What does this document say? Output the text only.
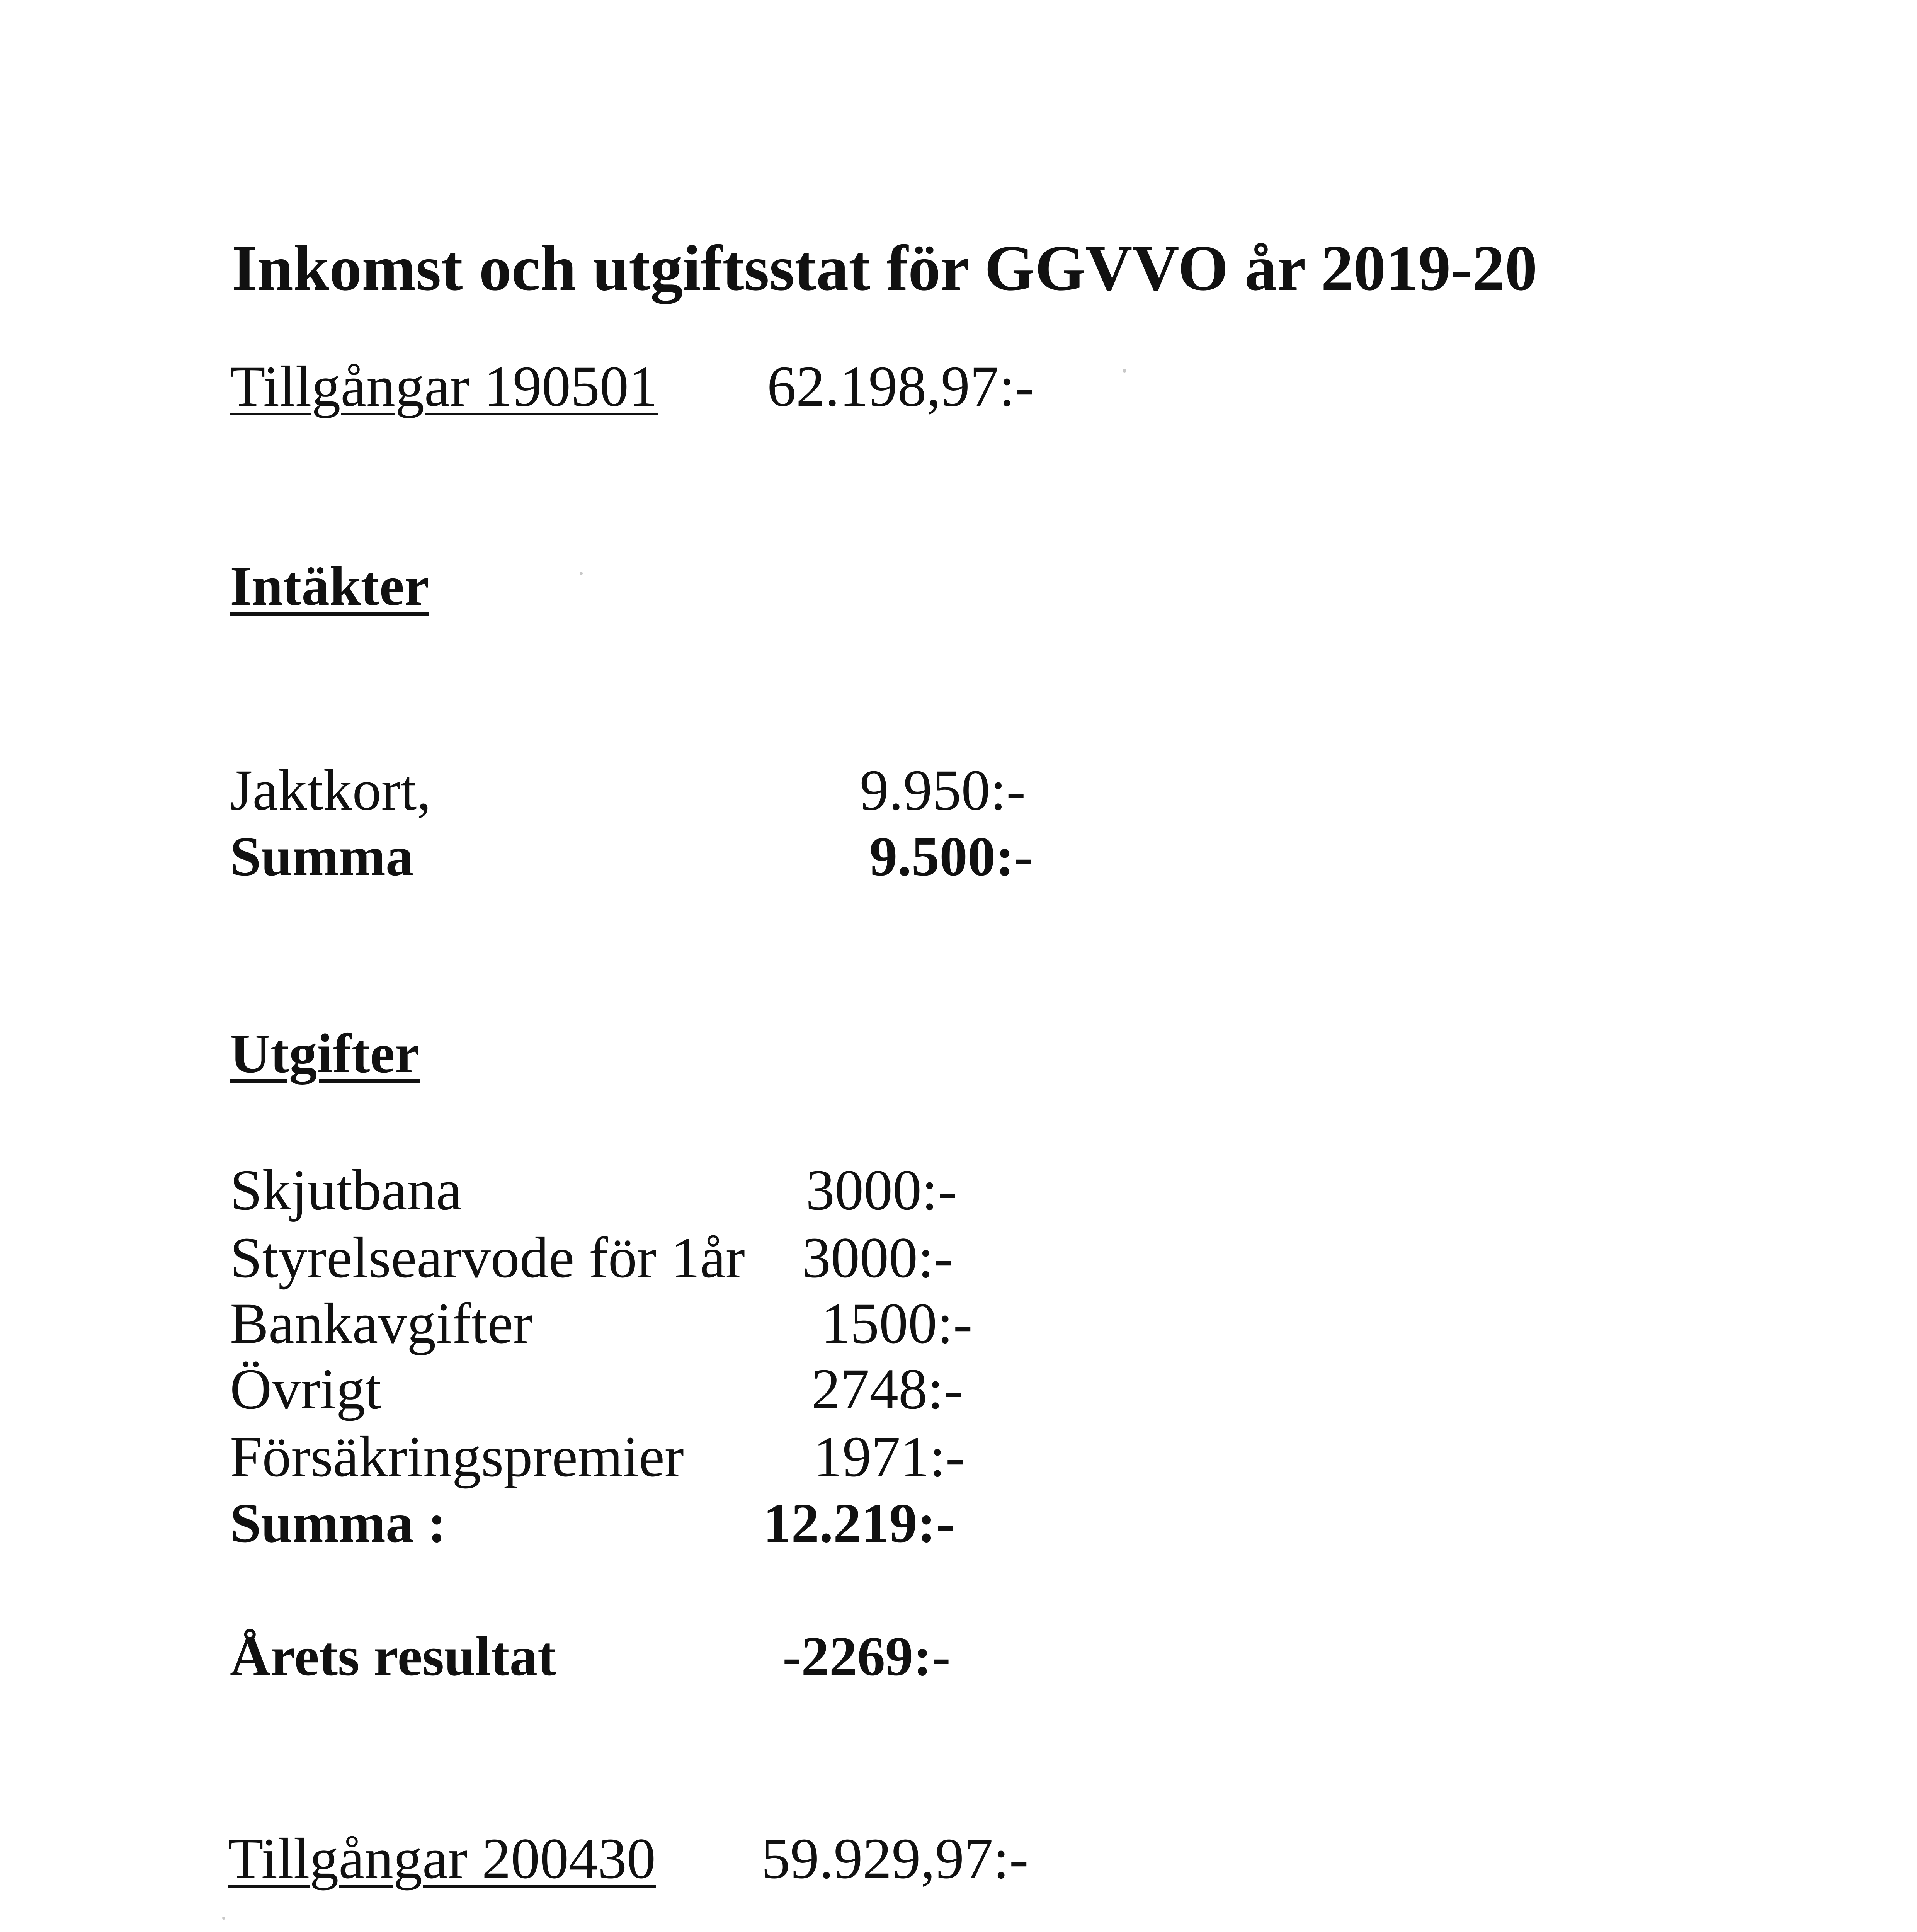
Inkomst och utgiftsstat för GGVVO år 2019-20
Tillgångar 190501 62.198,97:-
Intäkter
Jaktkort,	9.950:-
Summa	9.500:-
Utgifter
Skjutbana	3000:-
Styrelsearvode för 1år 3000:-
Bankavgifter	1500:-
Övrigt	2748:-
Försäkringspremier 1971:-
Summa :	12.219:-
Årets resultat	-2269:-
Tillgångar 200430 59.929,97:-
